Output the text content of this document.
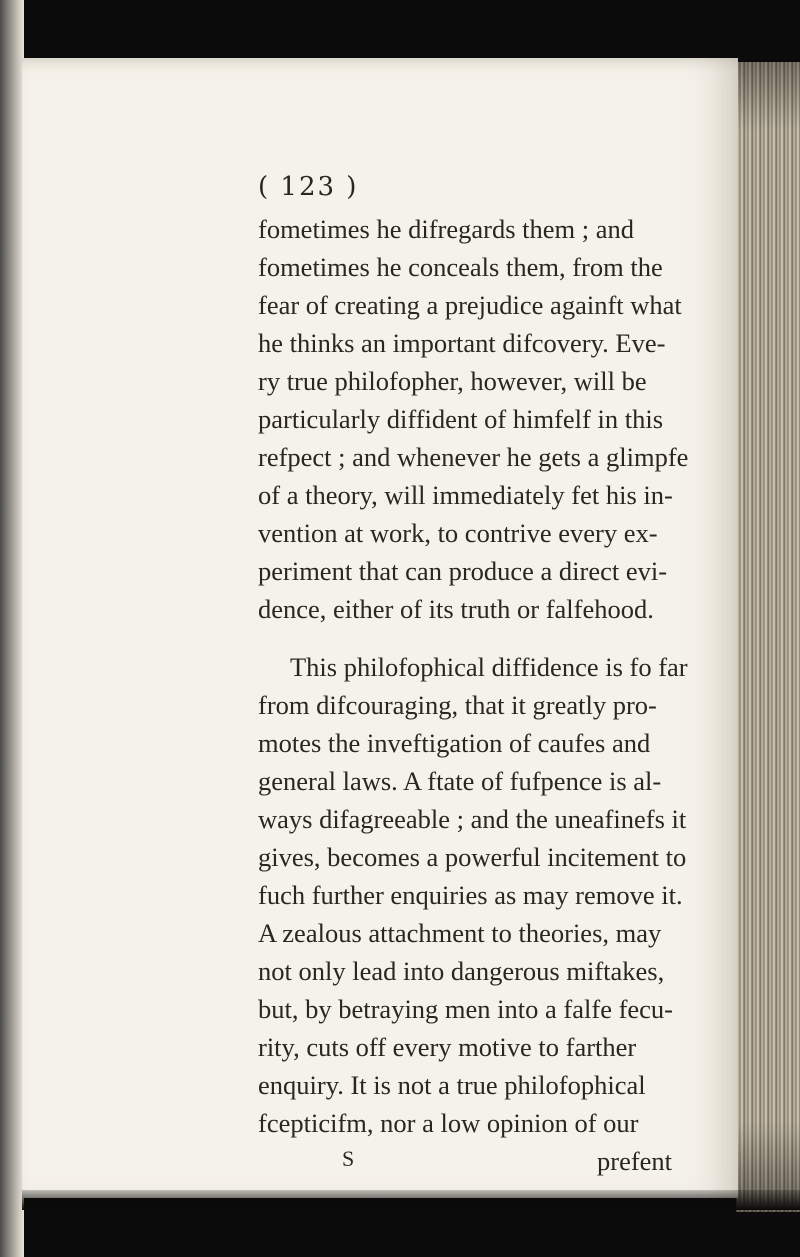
( 123 )
fometimes he difregards them ; and
fometimes he conceals them, from the
fear of creating a prejudice againft what
he thinks an important difcovery. Eve-
ry true philofopher, however, will be
particularly diffident of himfelf in this
refpect ; and whenever he gets a glimpfe
of a theory, will immediately fet his in-
vention at work, to contrive every ex-
periment that can produce a direct evi-
dence, either of its truth or falfehood.
This philofophical diffidence is fo far
from difcouraging, that it greatly pro-
motes the inveftigation of caufes and
general laws. A ftate of fufpence is al-
ways difagreeable ; and the uneafinefs it
gives, becomes a powerful incitement to
fuch further enquiries as may remove it.
A zealous attachment to theories, may
not only lead into dangerous miftakes,
but, by betraying men into a falfe fecu-
rity, cuts off every motive to farther
enquiry. It is not a true philofophical
fcepticifm, nor a low opinion of our
S	prefent
